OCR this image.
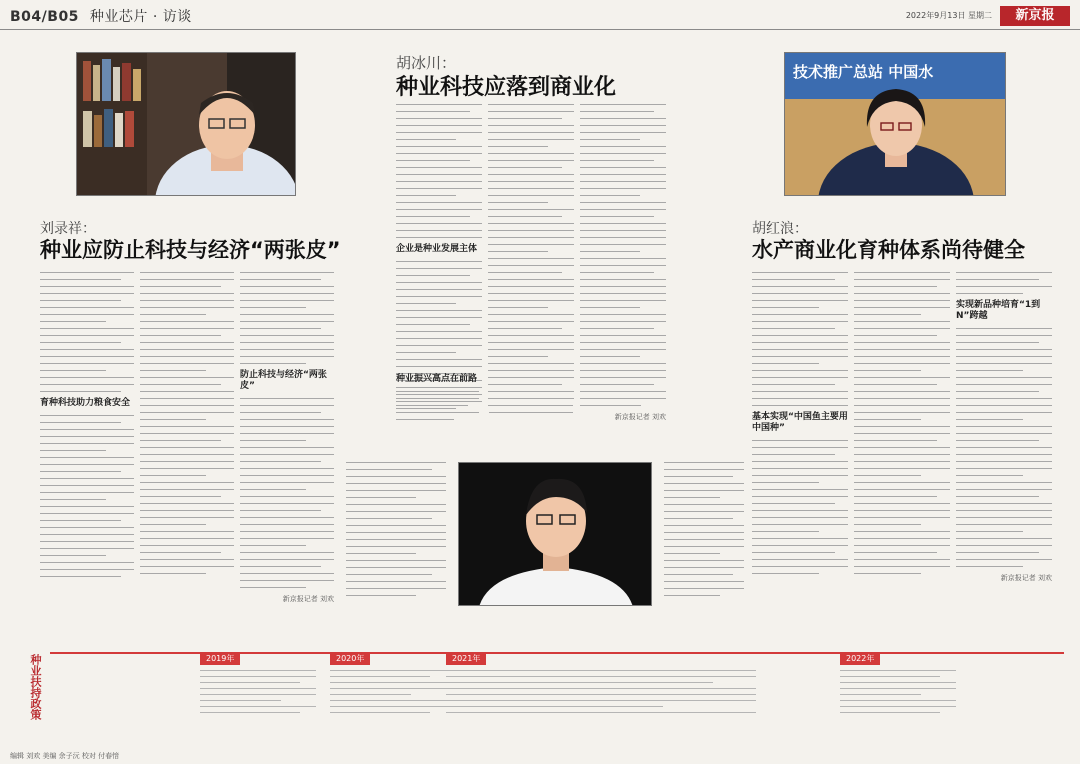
B04/B05 种业芯片 · 访谈	2022年9月13日 星期二	新京报
技术推广总站 中国水
刘录祥：
种业应防止科技与经济“两张皮”
胡冰川：
种业科技应落到商业化
胡红浪：
水产商业化育种体系尚待健全
育种科技助力粮食安全
防止科技与经济“两张皮”
新京报记者 刘欢
企业是种业发展主体
种业振兴高点在前路
新京报记者 刘欢	基本实现“中国鱼主要用中国种”
实现新品种培育“1到N”跨越
新京报记者 刘欢
种业扶持政策	2019年	2020年	2021年	2022年
编辑 刘欢 美编 余子沅 校对 付春愔
